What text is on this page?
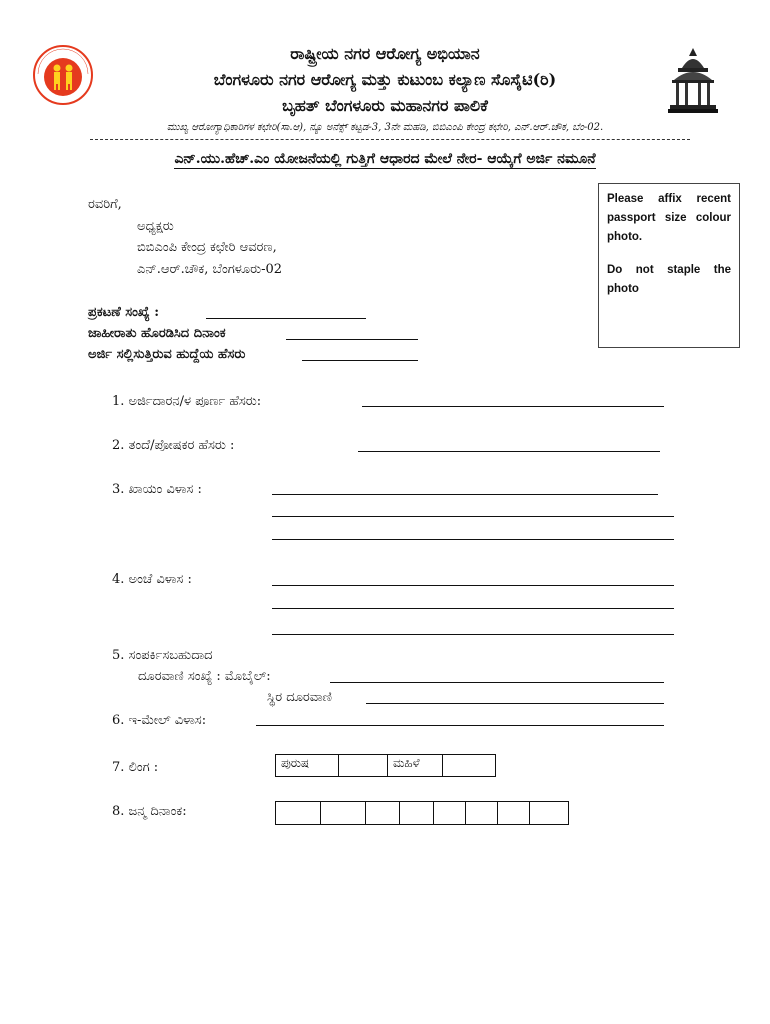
ರಾಷ್ಟ್ರೀಯ ನಗರ ಆರೋಗ್ಯ ಅಭಿಯಾನ
ಬೆಂಗಳೂರು ನಗರ ಆರೋಗ್ಯ ಮತ್ತು ಕುಟುಂಬ ಕಲ್ಯಾಣ ಸೊಸೈಟಿ(ರಿ)
ಬೃಹತ್ ಬೆಂಗಳೂರು ಮಹಾನಗರ ಪಾಲಿಕೆ
ಮುಖ್ಯ ಆರೋಗ್ಯಾಧಿಕಾರಿಗಳ ಕಛೇರಿ(ಸಾ.ಆ), ನ್ಯೂ ಅನೆಕ್ಸ್ ಕಟ್ಟಡ-3, 3ನೇ ಮಹಡಿ, ಬಿಬಿಎಂಪಿ ಕೇಂದ್ರ ಕಛೇರಿ, ಎನ್.ಆರ್.ಚೌಕ, ಬೆಂ-02.
ಎನ್.ಯು.ಹೆಚ್.ಎಂ ಯೋಜನೆಯಲ್ಲಿ ಗುತ್ತಿಗೆ ಆಧಾರದ ಮೇಲೆ ನೇರ- ಆಯ್ಕೆಗೆ ಅರ್ಜಿ ನಮೂನೆ
ರವರಿಗೆ,
ಅಧ್ಯಕ್ಷರು
ಬಿಬಿಎಂಪಿ ಕೇಂದ್ರ ಕಛೇರಿ ಆವರಣ,
ಎನ್.ಆರ್.ಚೌಕ, ಬೆಂಗಳೂರು-02

Please affix recent passport size colour photo.

Do not staple the photo

ಪ್ರಕಟಣೆ ಸಂಖ್ಯೆ :
ಜಾಹೀರಾತು ಹೊರಡಿಸಿದ ದಿನಾಂಕ
ಅರ್ಜಿ ಸಲ್ಲಿಸುತ್ತಿರುವ ಹುದ್ದೆಯ ಹೆಸರು
1. ಅರ್ಜಿದಾರನ/ಳ ಪೂರ್ಣ ಹೆಸರು:
2. ತಂದೆ/ಪೋಷಕರ ಹೆಸರು :
3. ಖಾಯಂ ವಿಳಾಸ :
4. ಅಂಚೆ ವಿಳಾಸ :
5. ಸಂಪರ್ಕಿಸಬಹುದಾದ
ದೂರವಾಣಿ ಸಂಖ್ಯೆ : ಮೊಬೈಲ್:
ಸ್ಥಿರ ದೂರವಾಣಿ
6. ಇ-ಮೇಲ್ ವಿಳಾಸ:
7. ಲಿಂಗ :	ಪುರುಷ	ಮಹಿಳೆ
8. ಜನ್ಮ ದಿನಾಂಕ:
